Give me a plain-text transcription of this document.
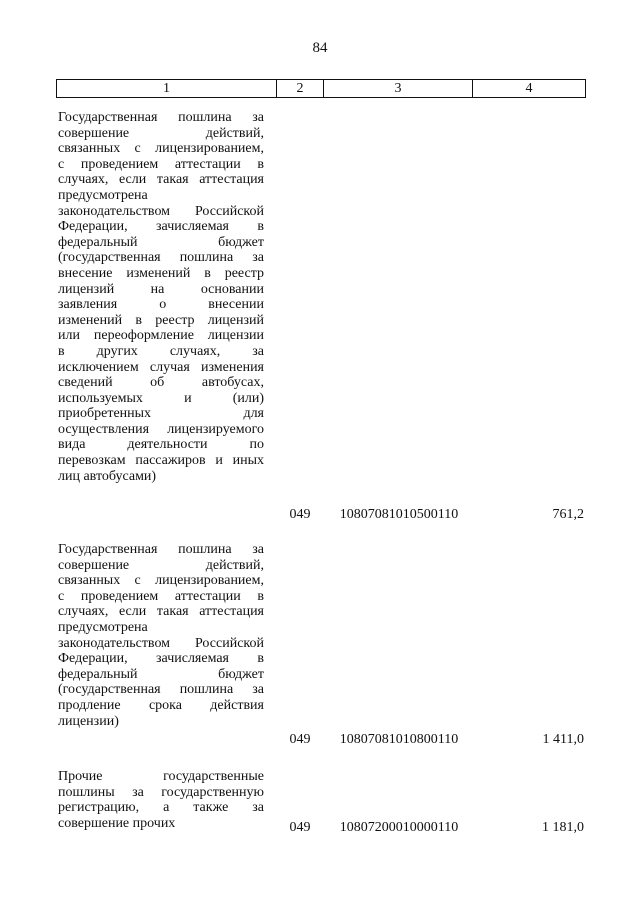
84
1	2	3	4
Государственная пошлина за
совершение действий,
связанных с лицензированием,
с проведением аттестации в
случаях, если такая аттестация
предусмотрена
законодательством Российской
Федерации, зачисляемая в
федеральный бюджет
(государственная пошлина за
внесение изменений в реестр
лицензий на основании
заявления о внесении
изменений в реестр лицензий
или переоформление лицензии
в других случаях, за
исключением случая изменения
сведений об автобусах,
используемых и (или)
приобретенных для
осуществления лицензируемого
вида деятельности по
перевозкам пассажиров и иных
лиц автобусами)
049	10807081010500110	761,2
Государственная пошлина за
совершение действий,
связанных с лицензированием,
с проведением аттестации в
случаях, если такая аттестация
предусмотрена
законодательством Российской
Федерации, зачисляемая в
федеральный бюджет
(государственная пошлина за
продление срока действия
лицензии)
049	10807081010800110	1 411,0
Прочие государственные
пошлины за государственную
регистрацию, а также за
совершение прочих	049	10807200010000110	1 181,0
